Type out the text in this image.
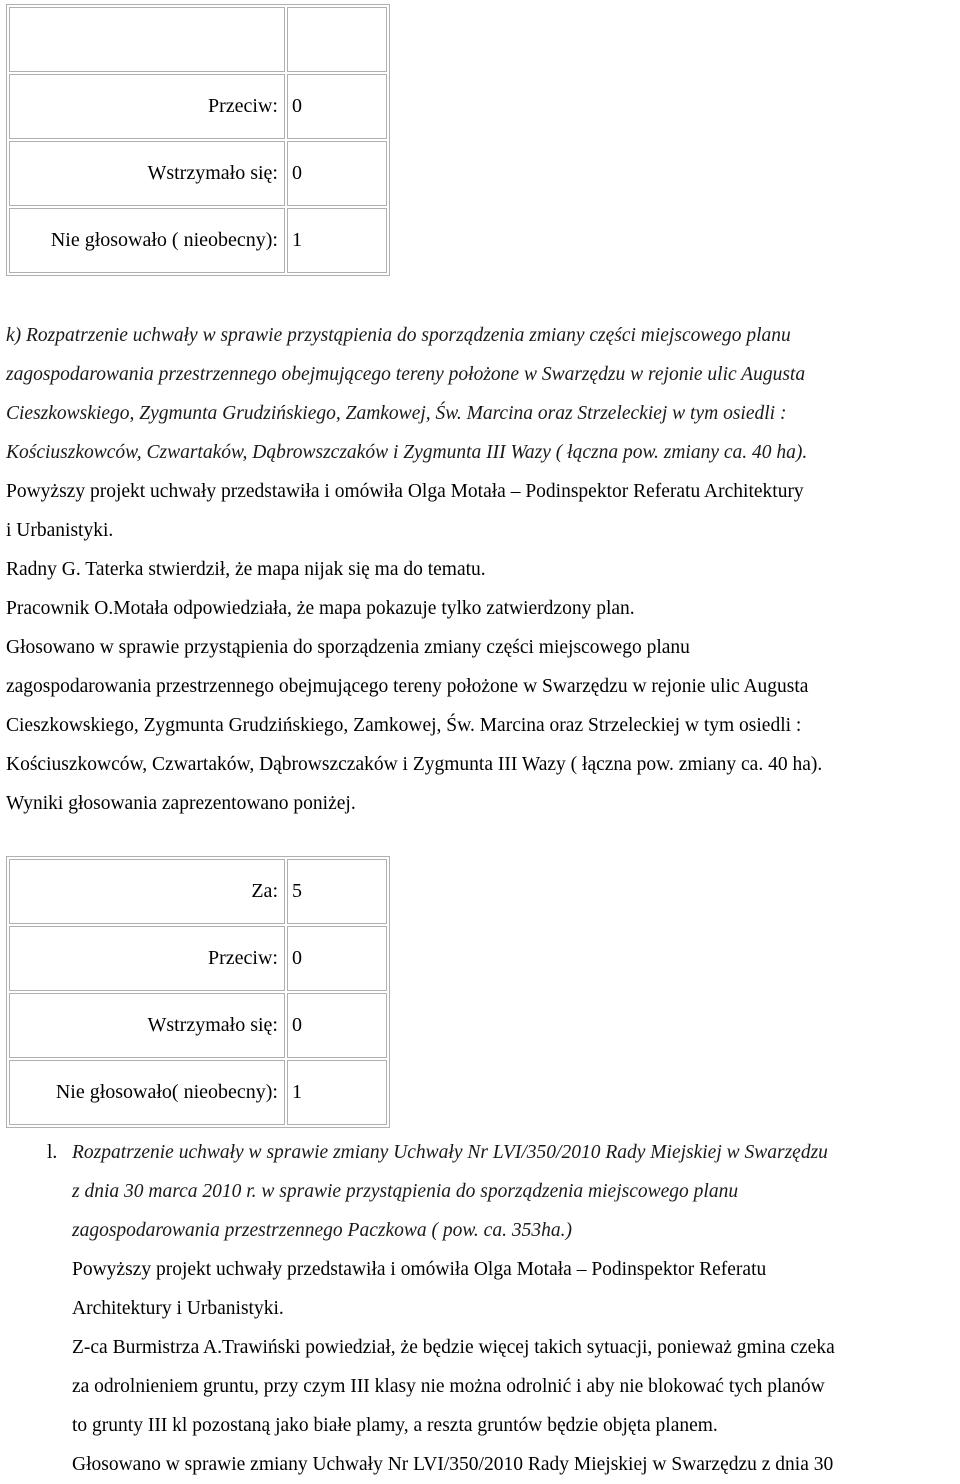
Przeciw:	0
Wstrzymało się:	0
Nie głosowało ( nieobecny):	1
k) Rozpatrzenie uchwały w sprawie przystąpienia do sporządzenia zmiany części miejscowego planu
zagospodarowania przestrzennego obejmującego tereny położone w Swarzędzu w rejonie ulic Augusta
Cieszkowskiego, Zygmunta Grudzińskiego, Zamkowej, Św. Marcina oraz Strzeleckiej w tym osiedli :
Kościuszkowców, Czwartaków, Dąbrowszczaków i Zygmunta III Wazy ( łączna pow. zmiany ca. 40 ha).
Powyższy projekt uchwały przedstawiła i omówiła Olga Motała – Podinspektor Referatu Architektury
i Urbanistyki.
Radny G. Taterka stwierdził, że mapa nijak się ma do tematu.
Pracownik O.Motała odpowiedziała, że mapa pokazuje tylko zatwierdzony plan.
Głosowano w sprawie przystąpienia do sporządzenia zmiany części miejscowego planu
zagospodarowania przestrzennego obejmującego tereny położone w Swarzędzu w rejonie ulic Augusta
Cieszkowskiego, Zygmunta Grudzińskiego, Zamkowej, Św. Marcina oraz Strzeleckiej w tym osiedli :
Kościuszkowców, Czwartaków, Dąbrowszczaków i Zygmunta III Wazy ( łączna pow. zmiany ca. 40 ha).
Wyniki głosowania zaprezentowano poniżej.
Za:	5
Przeciw:	0
Wstrzymało się:	0
Nie głosowało( nieobecny):	1
l. Rozpatrzenie uchwały w sprawie zmiany Uchwały Nr LVI/350/2010 Rady Miejskiej w Swarzędzu
z dnia 30 marca 2010 r. w sprawie przystąpienia do sporządzenia miejscowego planu
zagospodarowania przestrzennego Paczkowa ( pow. ca. 353ha.)
Powyższy projekt uchwały przedstawiła i omówiła Olga Motała – Podinspektor Referatu
Architektury i Urbanistyki.
Z-ca Burmistrza A.Trawiński powiedział, że będzie więcej takich sytuacji, ponieważ gmina czeka
za odrolnieniem gruntu, przy czym III klasy nie można odrolnić i aby nie blokować tych planów
to grunty III kl pozostaną jako białe plamy, a reszta gruntów będzie objęta planem.
Głosowano w sprawie zmiany Uchwały Nr LVI/350/2010 Rady Miejskiej w Swarzędzu z dnia 30
